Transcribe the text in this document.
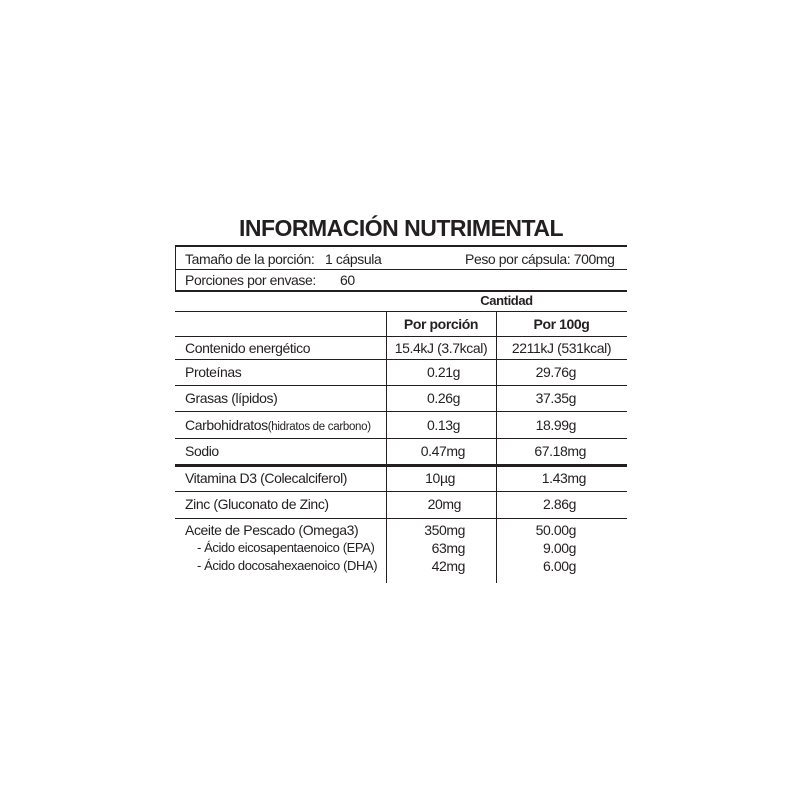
INFORMACIÓN NUTRIMENTAL
Tamaño de la porción: 1 cápsula	Peso por cápsula: 700mg
Porciones por envase: 60
Cantidad
Por porción	Por 100g
Contenido energético	15.4kJ (3.7kcal)	2211kJ (531kcal)
Proteínas	0.21g	29.76g
Grasas (lípidos)	0.26g	37.35g
Carbohidratos(hidratos de carbono)	0.13g	18.99g
Sodio	0.47mg	67.18mg
Vitamina D3 (Colecalciferol)	10µg	1.43mg
Zinc (Gluconato de Zinc)	20mg	2.86g
Aceite de Pescado (Omega3)	350mg	50.00g
- Ácido eicosapentaenoico (EPA)	63mg	9.00g
- Ácido docosahexaenoico (DHA)	42mg	6.00g
